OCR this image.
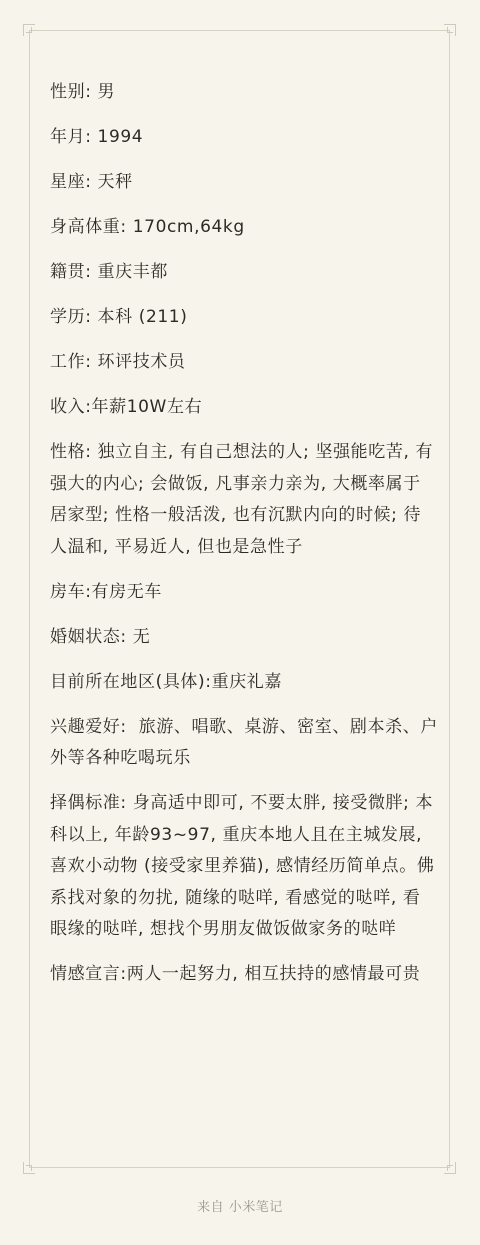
性别: 男

年月: 1994

星座: 天秤

身高体重: 170cm,64kg

籍贯: 重庆丰都

学历: 本科 (211)

工作: 环评技术员

收入:年薪10W左右

性格: 独立自主, 有自己想法的人; 坚强能吃苦, 有强大的内心; 会做饭, 凡事亲力亲为, 大概率属于居家型; 性格一般活泼, 也有沉默内向的时候; 待人温和, 平易近人, 但也是急性子

房车:有房无车

婚姻状态: 无

目前所在地区(具体):重庆礼嘉

兴趣爱好:  旅游、唱歌、桌游、密室、剧本杀、户外等各种吃喝玩乐

择偶标准: 身高适中即可, 不要太胖, 接受微胖; 本科以上, 年龄93~97, 重庆本地人且在主城发展, 喜欢小动物 (接受家里养猫), 感情经历简单点。佛系找对象的勿扰, 随缘的哒咩, 看感觉的哒咩, 看眼缘的哒咩, 想找个男朋友做饭做家务的哒咩

情感宣言:两人一起努力, 相互扶持的感情最可贵

来自 小米笔记
